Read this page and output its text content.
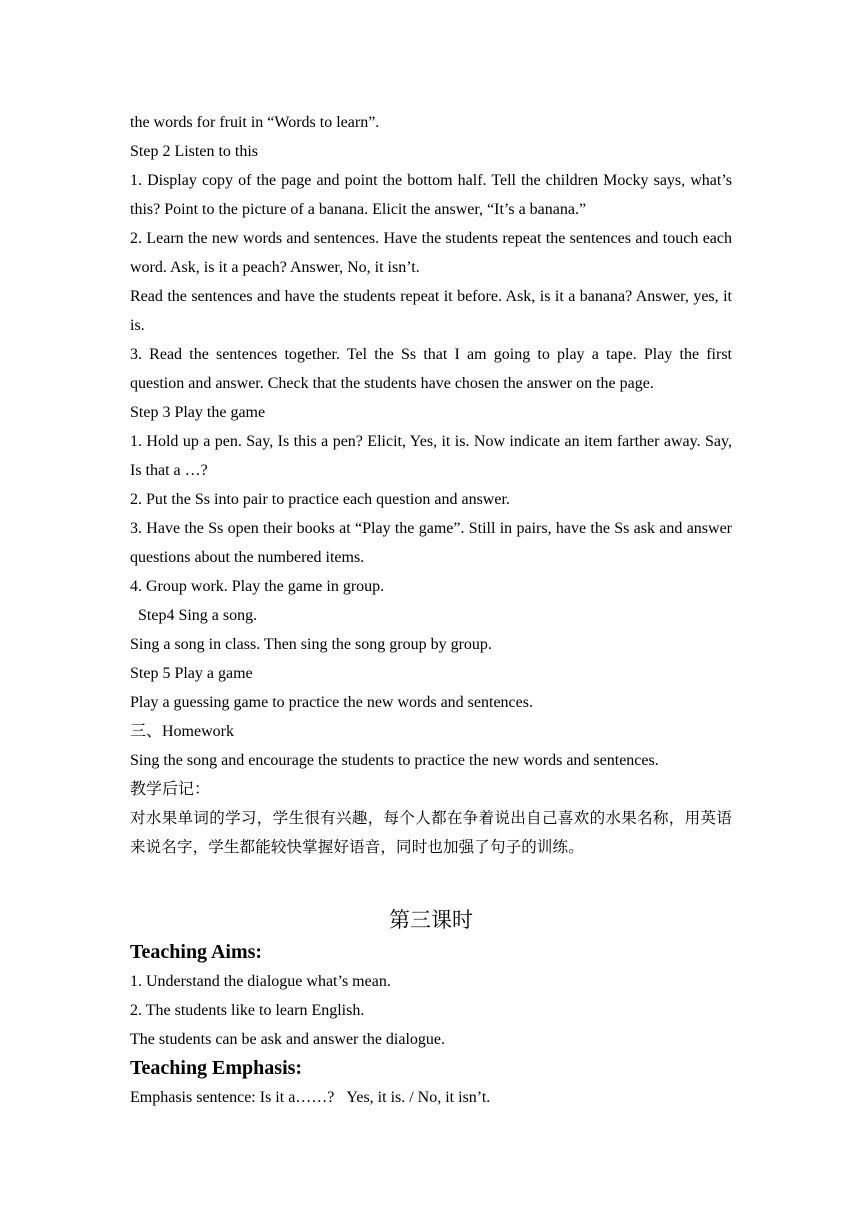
the words for fruit in “Words to learn”.
Step 2 Listen to this
1. Display copy of the page and point the bottom half. Tell the children Mocky says, what’s this? Point to the picture of a banana. Elicit the answer, “It’s a banana.”
2. Learn the new words and sentences. Have the students repeat the sentences and touch each word. Ask, is it a peach? Answer, No, it isn’t.
Read the sentences and have the students repeat it before. Ask, is it a banana? Answer, yes, it is.
3. Read the sentences together. Tel the Ss that I am going to play a tape. Play the first question and answer. Check that the students have chosen the answer on the page.
Step 3 Play the game
1. Hold up a pen. Say, Is this a pen? Elicit, Yes, it is. Now indicate an item farther away. Say, Is that a …?
2. Put the Ss into pair to practice each question and answer.
3. Have the Ss open their books at “Play the game”. Still in pairs, have the Ss ask and answer questions about the numbered items.
4. Group work. Play the game in group.
Step4 Sing a song.
Sing a song in class. Then sing the song group by group.
Step 5 Play a game
Play a guessing game to practice the new words and sentences.
三、Homework
Sing the song and encourage the students to practice the new words and sentences.
教学后记：
对水果单词的学习，学生很有兴趣，每个人都在争着说出自己喜欢的水果名称，用英语来说名字，学生都能较快掌握好语音，同时也加强了句子的训练。
第三课时
Teaching Aims:
1. Understand the dialogue what’s mean.
2. The students like to learn English.
The students can be ask and answer the dialogue.
Teaching Emphasis:
Emphasis sentence: Is it a……?   Yes, it is. / No, it isn’t.
